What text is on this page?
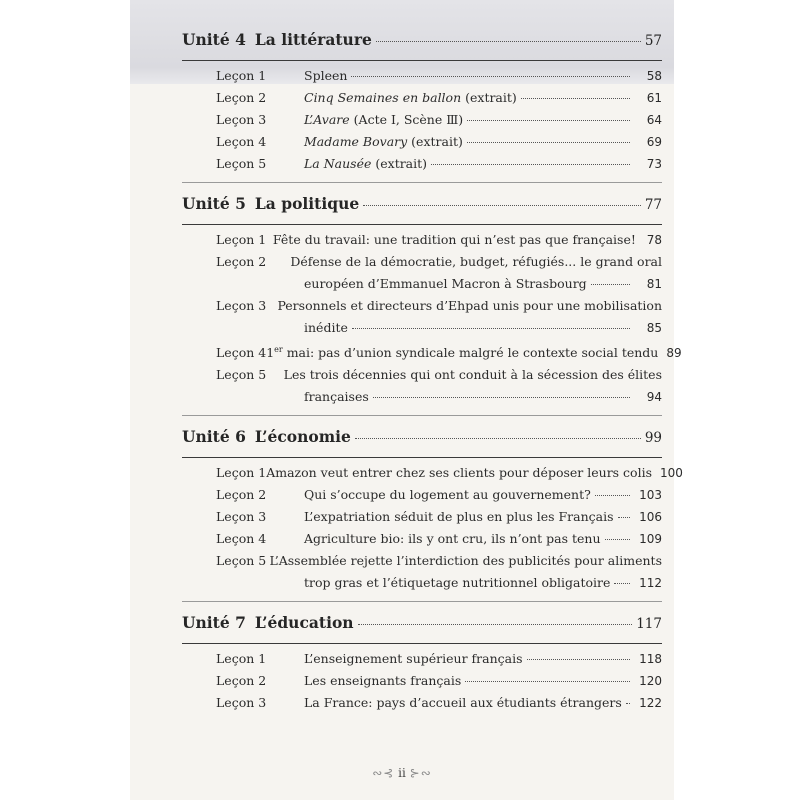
Unité 4 La littérature	57
Leçon 1	Spleen	58
Leçon 2	Cinq Semaines en ballon (extrait)	61
Leçon 3	L’Avare (Acte Ⅰ, Scène Ⅲ)	64
Leçon 4	Madame Bovary (extrait)	69
Leçon 5	La Nausée (extrait)	73
Unité 5 La politique	77
Leçon 1 Fête du travail: une tradition qui n’est pas que française! 78
Leçon 2	Défense de la démocratie, budget, réfugiés... le grand oral
européen d’Emmanuel Macron à Strasbourg	81
Leçon 3 Personnels et directeurs d’Ehpad unis pour une mobilisation
inédite	85
Leçon 4 1er mai: pas d’union syndicale malgré le contexte social tendu 89
Leçon 5	Les trois décennies qui ont conduit à la sécession des élites
françaises	94
Unité 6 L’économie	99
Leçon 1 Amazon veut entrer chez ses clients pour déposer leurs colis 100
Leçon 2	Qui s’occupe du logement au gouvernement?	103
Leçon 3	L’expatriation séduit de plus en plus les Français	106
Leçon 4	Agriculture bio: ils y ont cru, ils n’ont pas tenu	109
Leçon 5 L’Assemblée rejette l’interdiction des publicités pour aliments
trop gras et l’étiquetage nutritionnel obligatoire	112
Unité 7 L’éducation	117
Leçon 1	L’enseignement supérieur français	118
Leçon 2	Les enseignants français	120
Leçon 3	La France: pays d’accueil aux étudiants étrangers	122
∾⊰ ii ⊱∾
